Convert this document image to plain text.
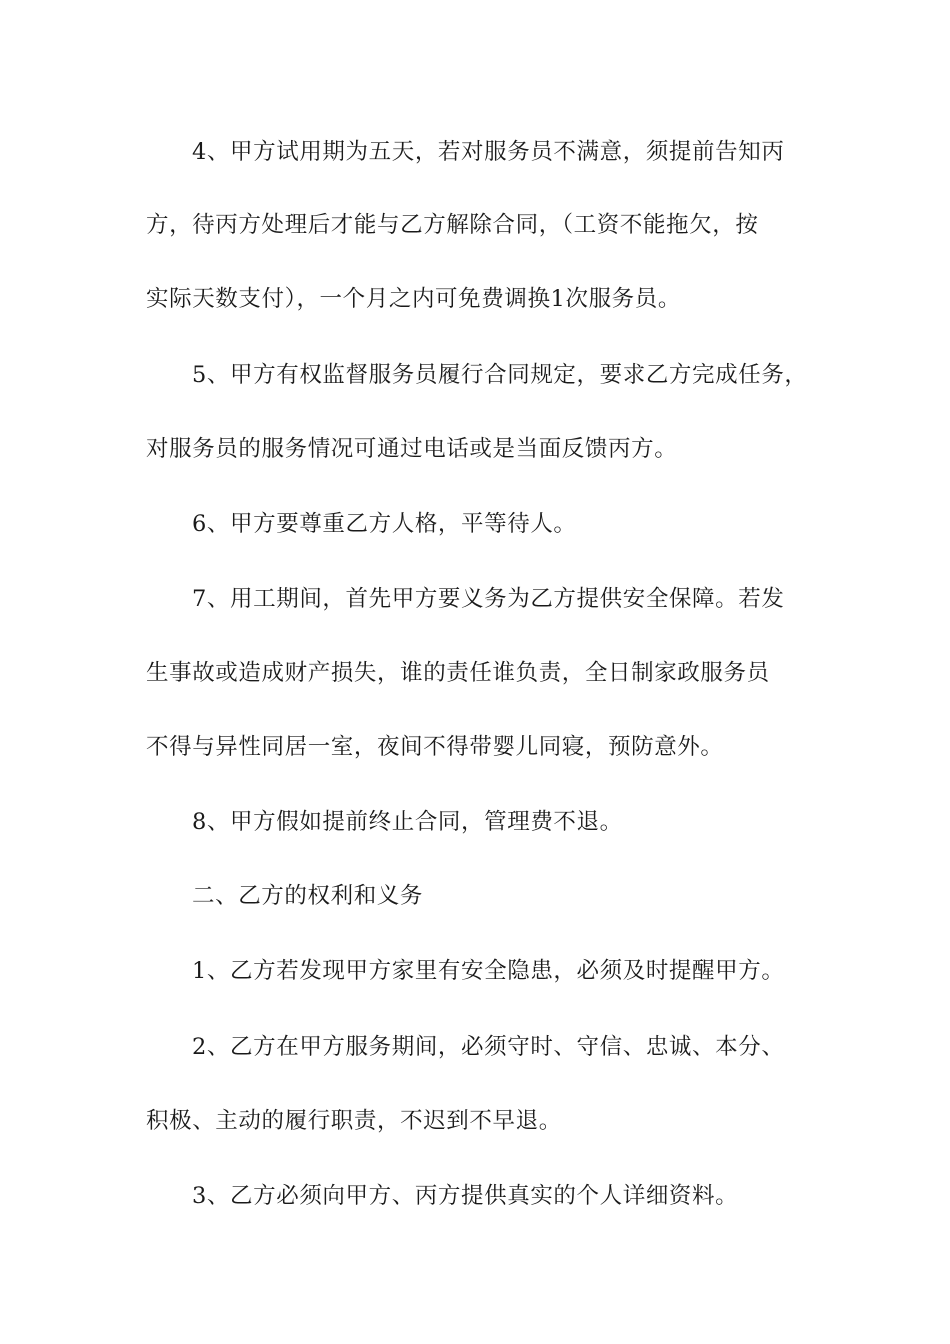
4、甲方试用期为五天，若对服务员不满意，须提前告知丙
方，待丙方处理后才能与乙方解除合同，（工资不能拖欠，按
实际天数支付），一个月之内可免费调换1次服务员。
5、甲方有权监督服务员履行合同规定，要求乙方完成任务，
对服务员的服务情况可通过电话或是当面反馈丙方。
6、甲方要尊重乙方人格，平等待人。
7、用工期间，首先甲方要义务为乙方提供安全保障。若发
生事故或造成财产损失，谁的责任谁负责，全日制家政服务员
不得与异性同居一室，夜间不得带婴儿同寝，预防意外。
8、甲方假如提前终止合同，管理费不退。
二、乙方的权利和义务
1、乙方若发现甲方家里有安全隐患，必须及时提醒甲方。
2、乙方在甲方服务期间，必须守时、守信、忠诚、本分、
积极、主动的履行职责，不迟到不早退。
3、乙方必须向甲方、丙方提供真实的个人详细资料。
